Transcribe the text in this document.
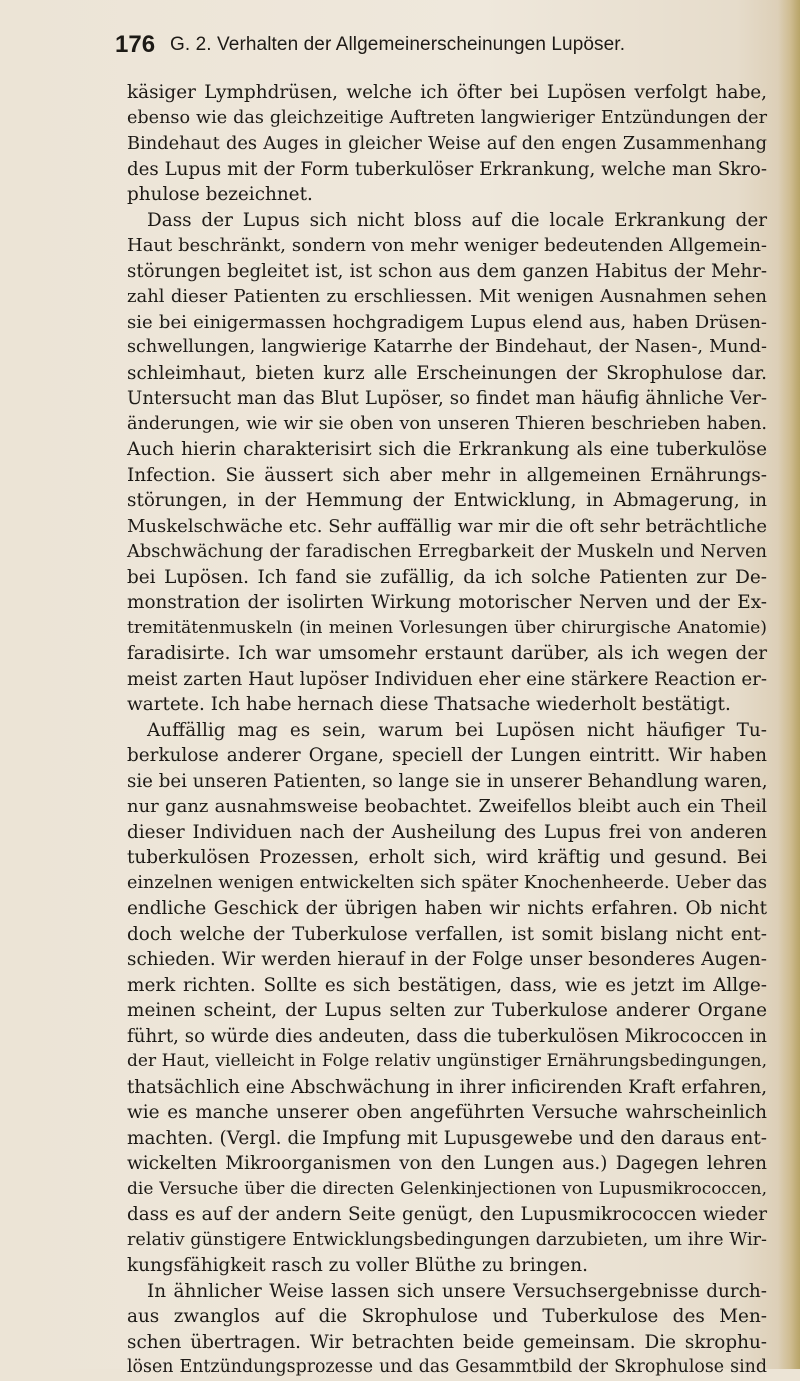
176 G. 2. Verhalten der Allgemeinerscheinungen Lupöser.
käsiger Lymphdrüsen, welche ich öfter bei Lupösen verfolgt habe,
ebenso wie das gleichzeitige Auftreten langwieriger Entzündungen der
Bindehaut des Auges in gleicher Weise auf den engen Zusammenhang
des Lupus mit der Form tuberkulöser Erkrankung, welche man Skro-
phulose bezeichnet.
Dass der Lupus sich nicht bloss auf die locale Erkrankung der
Haut beschränkt, sondern von mehr weniger bedeutenden Allgemein-
störungen begleitet ist, ist schon aus dem ganzen Habitus der Mehr-
zahl dieser Patienten zu erschliessen. Mit wenigen Ausnahmen sehen
sie bei einigermassen hochgradigem Lupus elend aus, haben Drüsen-
schwellungen, langwierige Katarrhe der Bindehaut, der Nasen-, Mund-
schleimhaut, bieten kurz alle Erscheinungen der Skrophulose dar.
Untersucht man das Blut Lupöser, so findet man häufig ähnliche Ver-
änderungen, wie wir sie oben von unseren Thieren beschrieben haben.
Auch hierin charakterisirt sich die Erkrankung als eine tuberkulöse
Infection. Sie äussert sich aber mehr in allgemeinen Ernährungs-
störungen, in der Hemmung der Entwicklung, in Abmagerung, in
Muskelschwäche etc. Sehr auffällig war mir die oft sehr beträchtliche
Abschwächung der faradischen Erregbarkeit der Muskeln und Nerven
bei Lupösen. Ich fand sie zufällig, da ich solche Patienten zur De-
monstration der isolirten Wirkung motorischer Nerven und der Ex-
tremitätenmuskeln (in meinen Vorlesungen über chirurgische Anatomie)
faradisirte. Ich war umsomehr erstaunt darüber, als ich wegen der
meist zarten Haut lupöser Individuen eher eine stärkere Reaction er-
wartete. Ich habe hernach diese Thatsache wiederholt bestätigt.
Auffällig mag es sein, warum bei Lupösen nicht häufiger Tu-
berkulose anderer Organe, speciell der Lungen eintritt. Wir haben
sie bei unseren Patienten, so lange sie in unserer Behandlung waren,
nur ganz ausnahmsweise beobachtet. Zweifellos bleibt auch ein Theil
dieser Individuen nach der Ausheilung des Lupus frei von anderen
tuberkulösen Prozessen, erholt sich, wird kräftig und gesund. Bei
einzelnen wenigen entwickelten sich später Knochenheerde. Ueber das
endliche Geschick der übrigen haben wir nichts erfahren. Ob nicht
doch welche der Tuberkulose verfallen, ist somit bislang nicht ent-
schieden. Wir werden hierauf in der Folge unser besonderes Augen-
merk richten. Sollte es sich bestätigen, dass, wie es jetzt im Allge-
meinen scheint, der Lupus selten zur Tuberkulose anderer Organe
führt, so würde dies andeuten, dass die tuberkulösen Mikrococcen in
der Haut, vielleicht in Folge relativ ungünstiger Ernährungsbedingungen,
thatsächlich eine Abschwächung in ihrer inficirenden Kraft erfahren,
wie es manche unserer oben angeführten Versuche wahrscheinlich
machten. (Vergl. die Impfung mit Lupusgewebe und den daraus ent-
wickelten Mikroorganismen von den Lungen aus.) Dagegen lehren
die Versuche über die directen Gelenkinjectionen von Lupusmikrococcen,
dass es auf der andern Seite genügt, den Lupusmikrococcen wieder
relativ günstigere Entwicklungsbedingungen darzubieten, um ihre Wir-
kungsfähigkeit rasch zu voller Blüthe zu bringen.
In ähnlicher Weise lassen sich unsere Versuchsergebnisse durch-
aus zwanglos auf die Skrophulose und Tuberkulose des Men-
schen übertragen. Wir betrachten beide gemeinsam. Die skrophu-
lösen Entzündungsprozesse und das Gesammtbild der Skrophulose sind
